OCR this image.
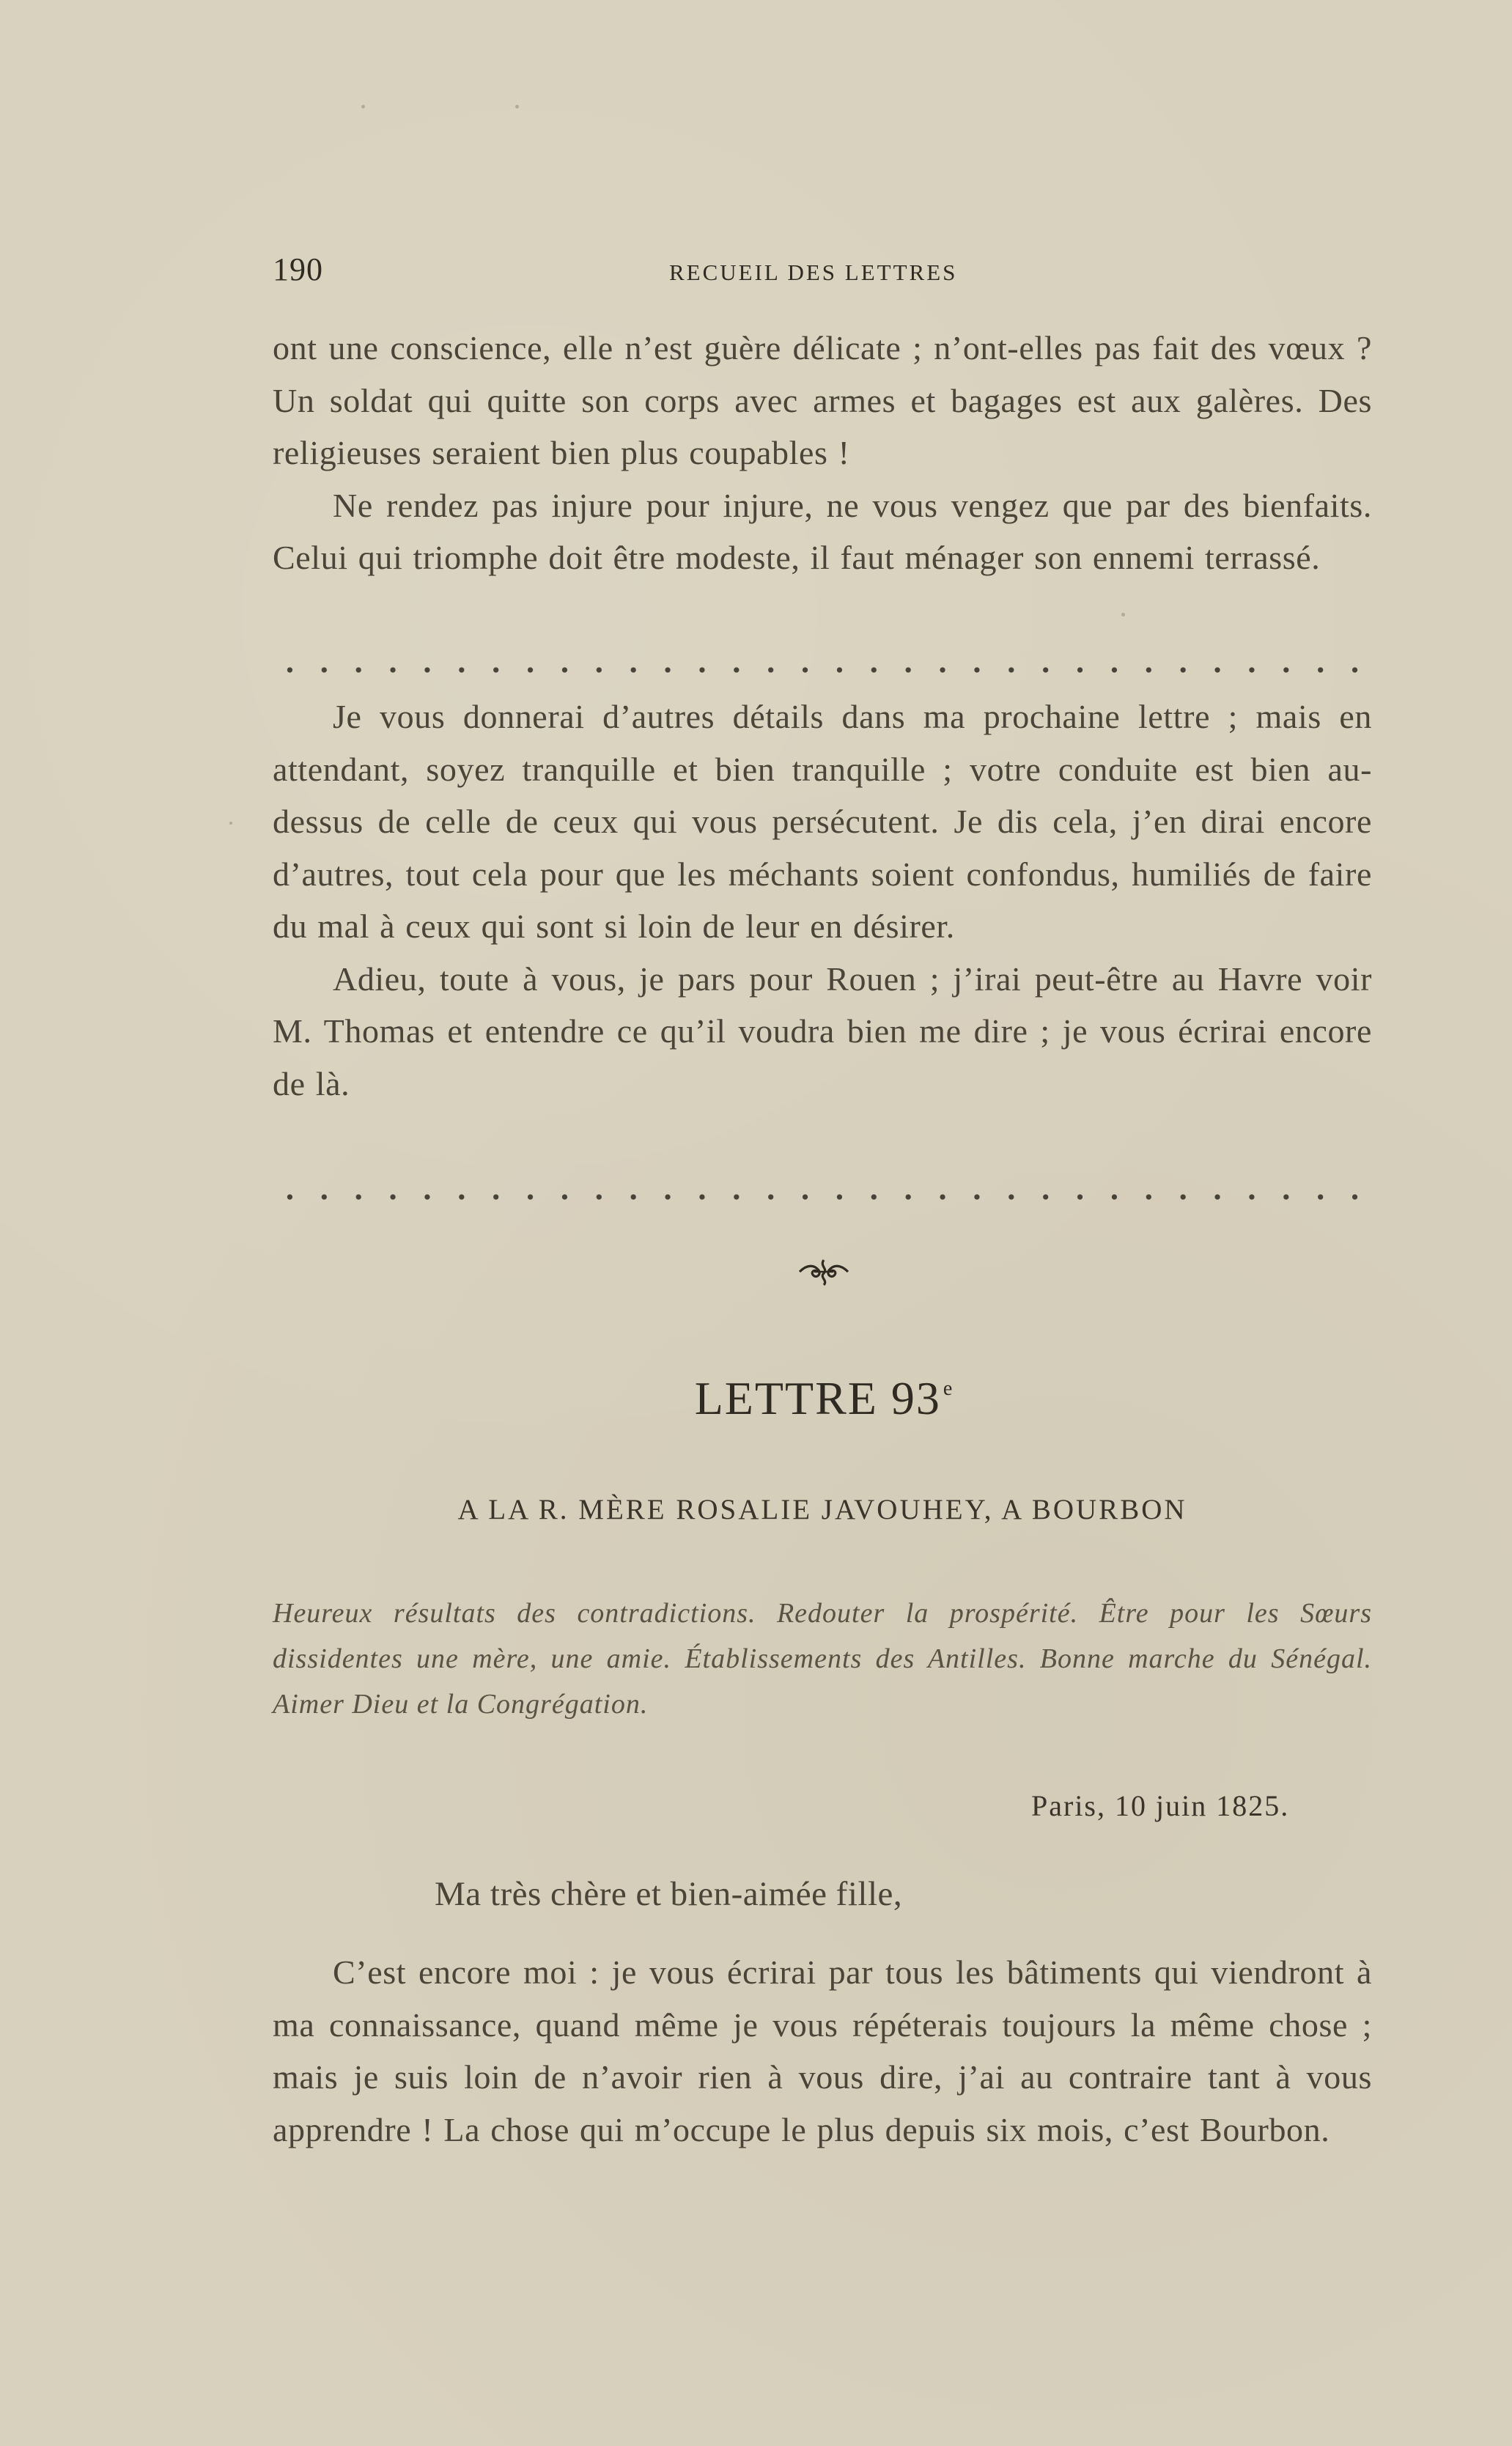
190	RECUEIL DES LETTRES

ont une conscience, elle n’est guère délicate ; n’ont-elles pas fait des vœux ? Un soldat qui quitte son corps avec armes et bagages est aux galères. Des religieuses seraient bien plus coupables !

Ne rendez pas injure pour injure, ne vous vengez que par des bienfaits. Celui qui triomphe doit être modeste, il faut ménager son ennemi terrassé.

Je vous donnerai d’autres détails dans ma prochaine lettre ; mais en attendant, soyez tranquille et bien tranquille ; votre conduite est bien au-dessus de celle de ceux qui vous persécutent. Je dis cela, j’en dirai encore d’autres, tout cela pour que les méchants soient confondus, humiliés de faire du mal à ceux qui sont si loin de leur en désirer.

Adieu, toute à vous, je pars pour Rouen ; j’irai peut-être au Havre voir M. Thomas et entendre ce qu’il voudra bien me dire ; je vous écrirai encore de là.

LETTRE 93 $^e$
A LA R. MÈRE ROSALIE JAVOUHEY, A BOURBON
Heureux résultats des contradictions. Redouter la prospérité. Être pour les Sœurs dissidentes une mère, une amie. Établissements des Antilles. Bonne marche du Sénégal. Aimer Dieu et la Congrégation.
Paris, 10 juin 1825.
Ma très chère et bien-aimée fille,

C’est encore moi : je vous écrirai par tous les bâtiments qui viendront à ma connaissance, quand même je vous répéterais toujours la même chose ; mais je suis loin de n’avoir rien à vous dire, j’ai au contraire tant à vous apprendre ! La chose qui m’occupe le plus depuis six mois, c’est Bourbon.
